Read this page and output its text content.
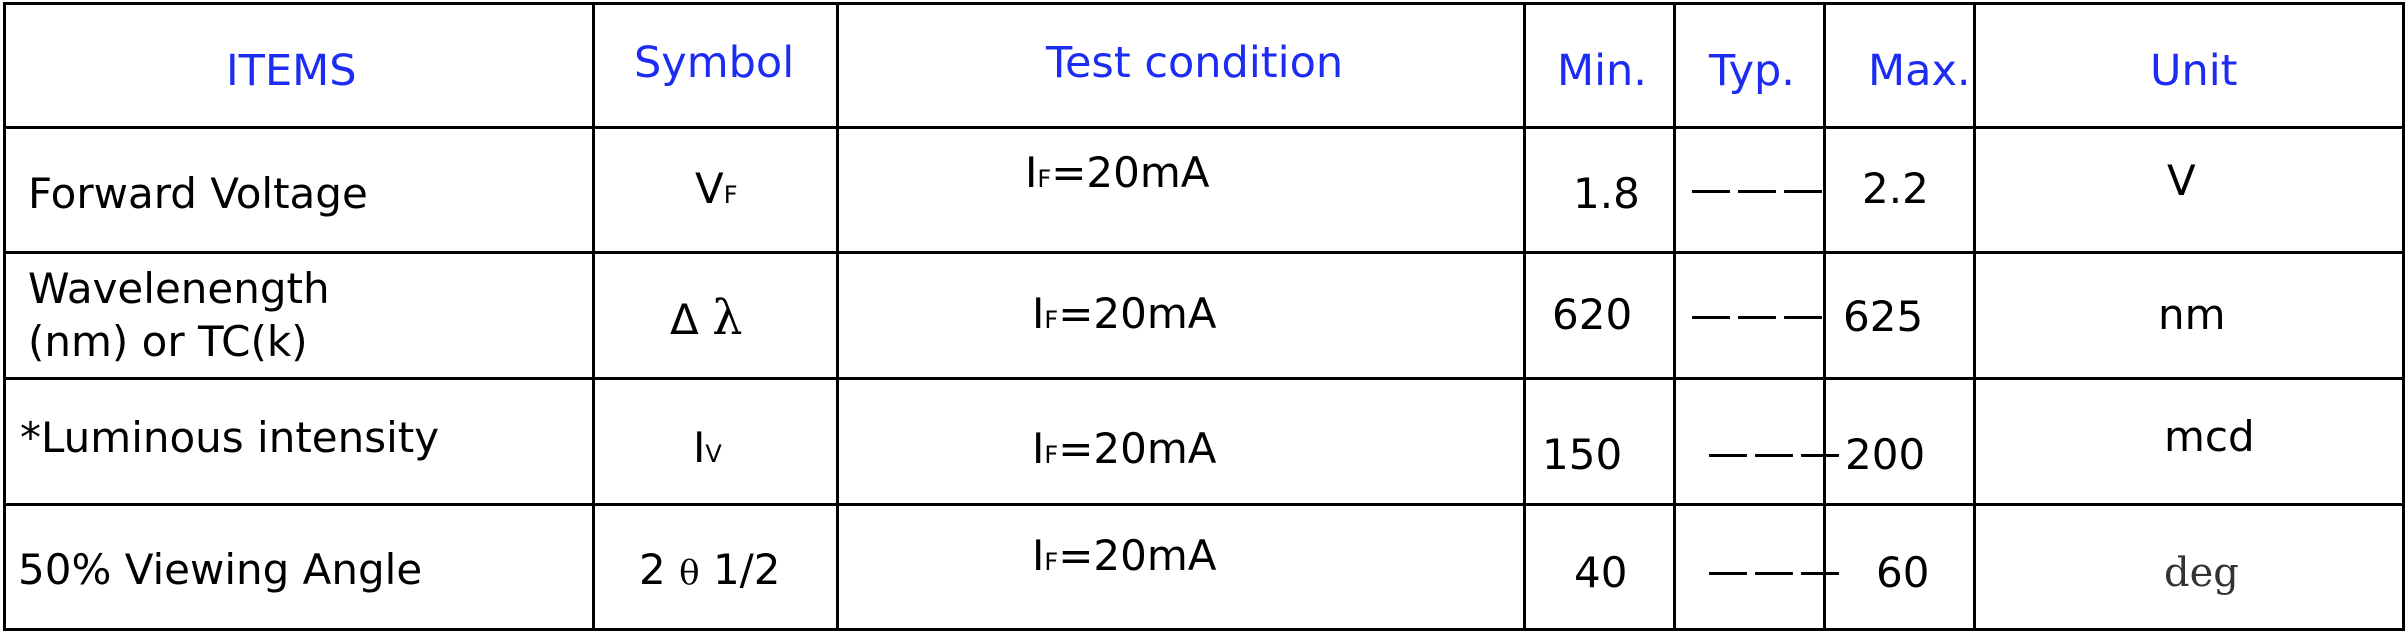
ITEMS	Symbol	Test condition	Min. Typ. Max.	Unit
Forward Voltage	VF	IF=20mA	1.8 ——— 2.2	V
Wavelenength
(nm) or TC(k)	Δ λ	IF=20mA	620 ——— 625	nm
*Luminous intensity	IV	IF=20mA	150 ——— 200	mcd
50% Viewing Angle	2 θ 1/2	IF=20mA	40 ——— 60	deg
